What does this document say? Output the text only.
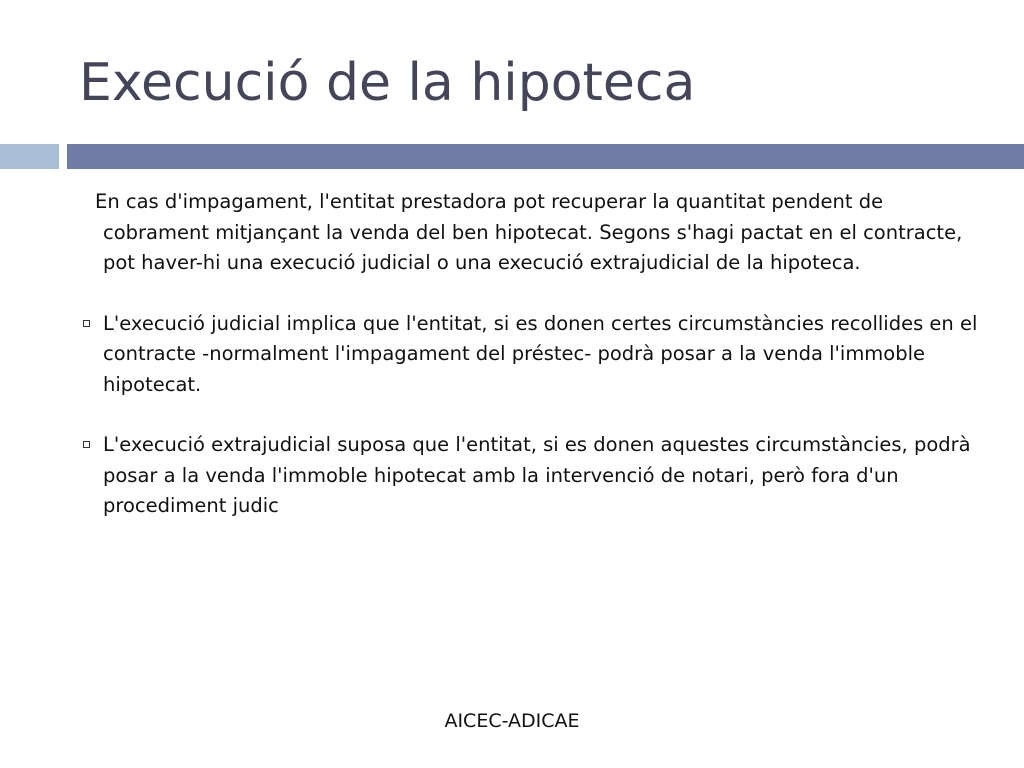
Execució de la hipoteca

En cas d'impagament, l'entitat prestadora pot recuperar la quantitat pendent de cobrament mitjançant la venda del ben hipotecat. Segons s'hagi pactat en el contracte, pot haver-hi una execució judicial o una execució extrajudicial de la hipoteca.

L'execució judicial implica que l'entitat, si es donen certes circumstàncies recollides en el contracte -normalment l'impagament del préstec- podrà posar a la venda l'immoble hipotecat.

L'execució extrajudicial suposa que l'entitat, si es donen aquestes circumstàncies, podrà posar a la venda l'immoble hipotecat amb la intervenció de notari, però fora d'un procediment judic

AICEC-ADICAE
